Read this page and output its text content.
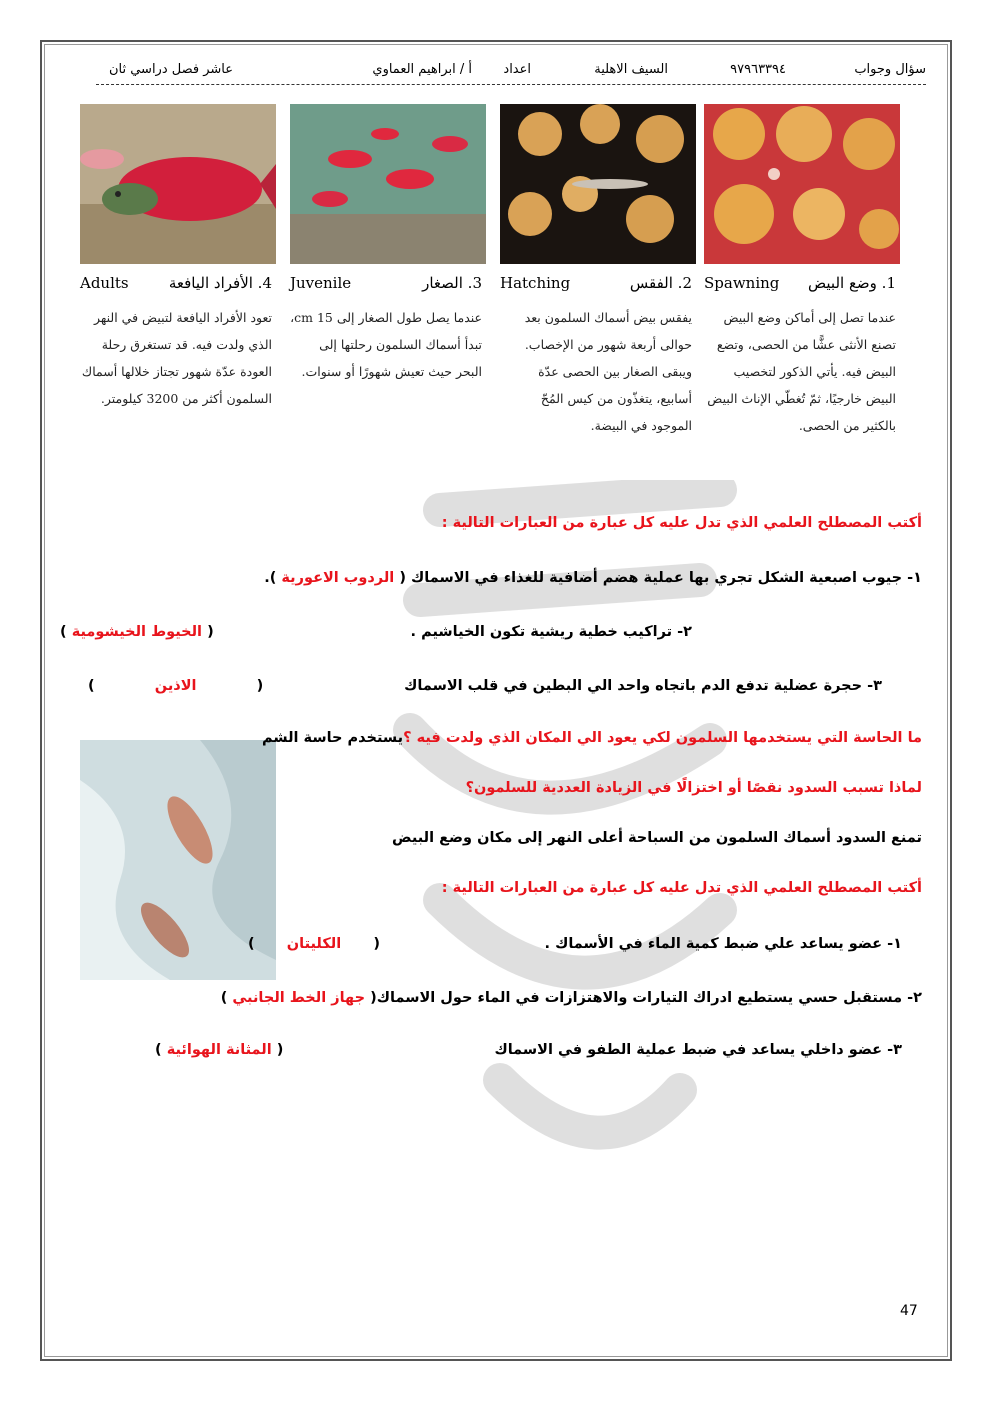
سؤال وجواب
٩٧٩٦٣٣٩٤
السيف الاهلية
اعداد
أ / ابراهيم العماوي
عاشر فصل دراسي ثان
4. الأفراد اليافعة
Adults
تعود الأفراد اليافعة لتبيض في النهر الذي ولدت فيه. قد تستغرق رحلة العودة عدّة شهور تجتاز خلالها أسماك السلمون أكثر من 3200 كيلومتر.
3. الصغار
Juvenile
عندما يصل طول الصغار إلى 15 cm، تبدأ أسماك السلمون رحلتها إلى البحر حيث تعيش شهورًا أو سنوات.
2. الفقس
Hatching
يفقس بيض أسماك السلمون بعد حوالى أربعة شهور من الإخصاب. ويبقى الصغار بين الحصى عدّة أسابيع، يتغذّون من كيس المُحّ الموجود في البيضة.
1. وضع البيض
Spawning
عندما تصل إلى أماكن وضع البيض تصنع الأنثى عشًّا من الحصى، وتضع البيض فيه. يأتي الذكور لتخصيب البيض خارجيًا، ثمّ تُغطّي الإناث البيض بالكثير من الحصى.
أكتب المصطلح العلمي الذي تدل عليه كل عبارة من العبارات التالية :
١- جيوب اصبعية الشكل تجري بها عملية هضم أضافية للغذاء في الاسماك ( الردوب الاعورية ).
٢- تراكيب خطية ريشية تكون الخياشيم .
( الخيوط الخيشومية )
٣- حجرة عضلية تدفع الدم باتجاه واحد الي البطين في قلب الاسماك
(  الاذين  )
ما الحاسة التي يستخدمها السلمون لكي يعود الي المكان الذي ولدت فيه ؟يستخدم حاسة الشم
لماذا تسبب السدود نقصًا أو اختزالًا في الزيادة العددية للسلمون؟
تمنع السدود أسماك السلمون من السباحة أعلى النهر إلى مكان وضع البيض
أكتب المصطلح العلمي الذي تدل عليه كل عبارة من العبارات التالية :
١- عضو يساعد علي ضبط كمية الماء في الأسماك .
(  الكليتان  )
٢- مستقبل حسي يستطيع ادراك التيارات والاهتزازات في الماء حول الاسماك( جهاز الخط الجانبي )
٣- عضو داخلي يساعد في ضبط عملية الطفو في الاسماك
( المثانة الهوائية )
47
